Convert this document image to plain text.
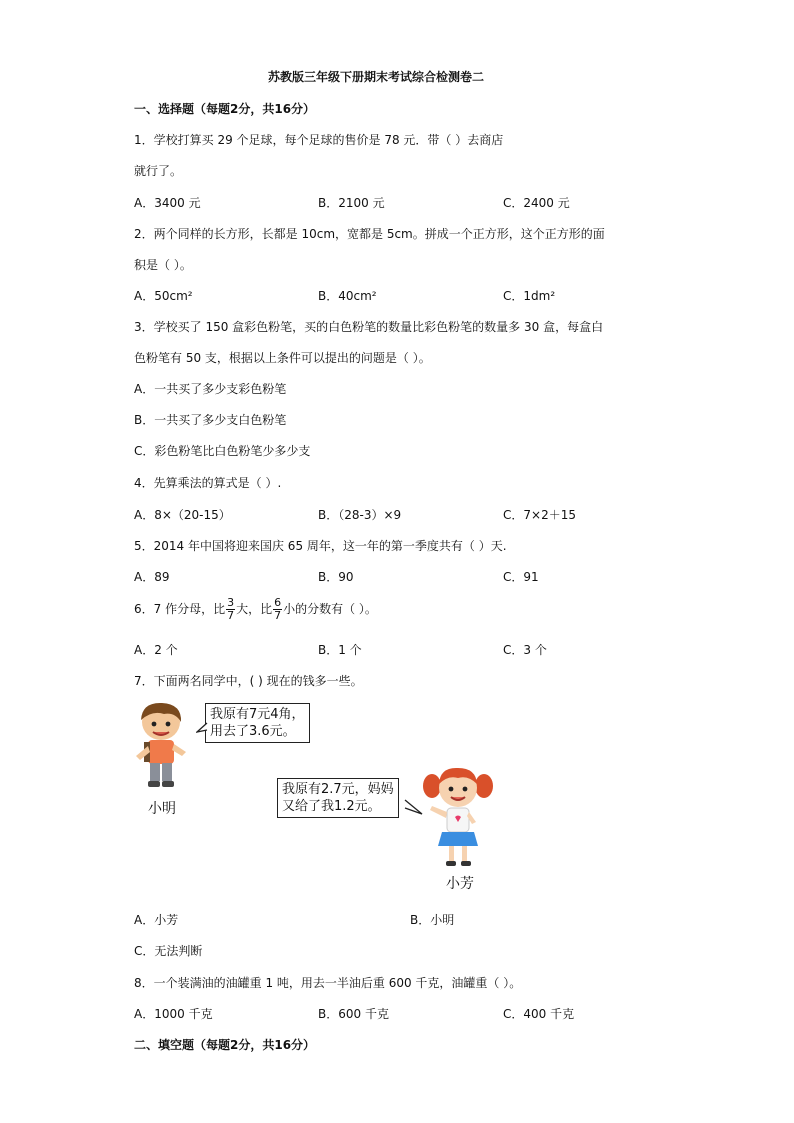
苏教版三年级下册期末考试综合检测卷二
一、选择题（每题2分，共16分）
1．学校打算买 29 个足球，每个足球的售价是 78 元．带（ ）去商店
就行了。
A．3400 元	B．2100 元	C．2400 元
2．两个同样的长方形，长都是 10cm，宽都是 5cm。拼成一个正方形，这个正方形的面
积是（ ）。
A．50cm²	B．40cm²	C．1dm²
3．学校买了 150 盒彩色粉笔，买的白色粉笔的数量比彩色粉笔的数量多 30 盒，每盒白
色粉笔有 50 支，根据以上条件可以提出的问题是（ ）。
A．一共买了多少支彩色粉笔
B．一共买了多少支白色粉笔
C．彩色粉笔比白色粉笔少多少支
4．先算乘法的算式是（ ）.
A．8×（20-15）	B．（28-3）×9	C．7×2＋15
5．2014 年中国将迎来国庆 65 周年，这一年的第一季度共有（ ）天.
A．89	B．90	C．91
6．7 作分母，比 $\frac{3}{7}$ 大，比 $\frac{6}{7}$ 小的分数有（ ）。
A．2 个	B．1 个	C．3 个
7．下面两名同学中，( ) 现在的钱多一些。
我原有7元4角，
用去了3.6元。
小明
我原有2.7元，妈妈
又给了我1.2元。
小芳
A．小芳	B．小明
C．无法判断
8．一个装满油的油罐重 1 吨，用去一半油后重 600 千克，油罐重（ ）。
A．1000 千克	B．600 千克	C．400 千克
二、填空题（每题2分，共16分）
